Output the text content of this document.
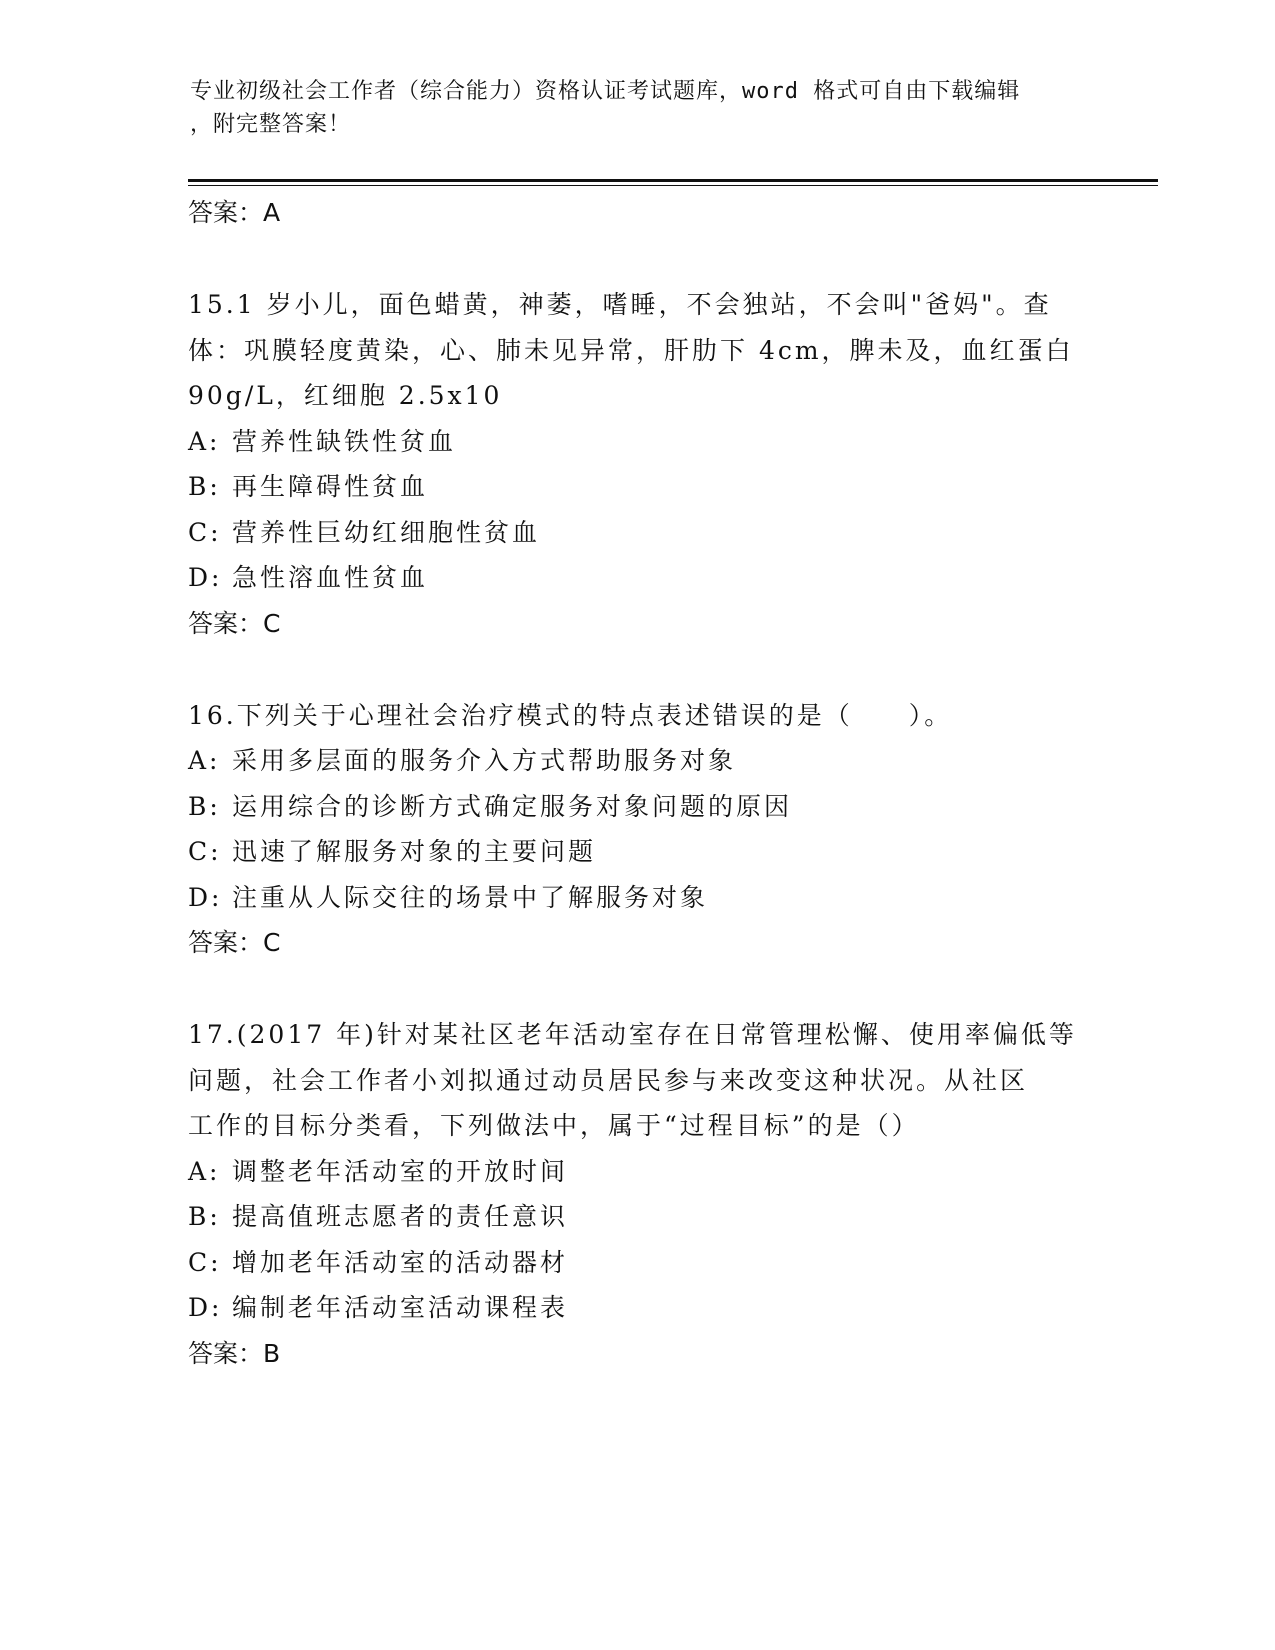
专业初级社会工作者（综合能力）资格认证考试题库，word 格式可自由下载编辑
，附完整答案！
答案：A
15.1 岁小儿，面色蜡黄，神萎，嗜睡，不会独站，不会叫"爸妈"。查
体：巩膜轻度黄染，心、肺未见异常，肝肋下 4cm，脾未及，血红蛋白
90g/L，红细胞 2.5x10
A: 营养性缺铁性贫血
B: 再生障碍性贫血
C: 营养性巨幼红细胞性贫血
D: 急性溶血性贫血
答案：C
16.下列关于心理社会治疗模式的特点表述错误的是（　　）。
A: 采用多层面的服务介入方式帮助服务对象
B: 运用综合的诊断方式确定服务对象问题的原因
C: 迅速了解服务对象的主要问题
D: 注重从人际交往的场景中了解服务对象
答案：C
17.(2017 年)针对某社区老年活动室存在日常管理松懈、使用率偏低等
问题，社会工作者小刘拟通过动员居民参与来改变这种状况。从社区
工作的目标分类看，下列做法中，属于“过程目标”的是（）
A: 调整老年活动室的开放时间
B: 提高值班志愿者的责任意识
C: 增加老年活动室的活动器材
D: 编制老年活动室活动课程表
答案：B
